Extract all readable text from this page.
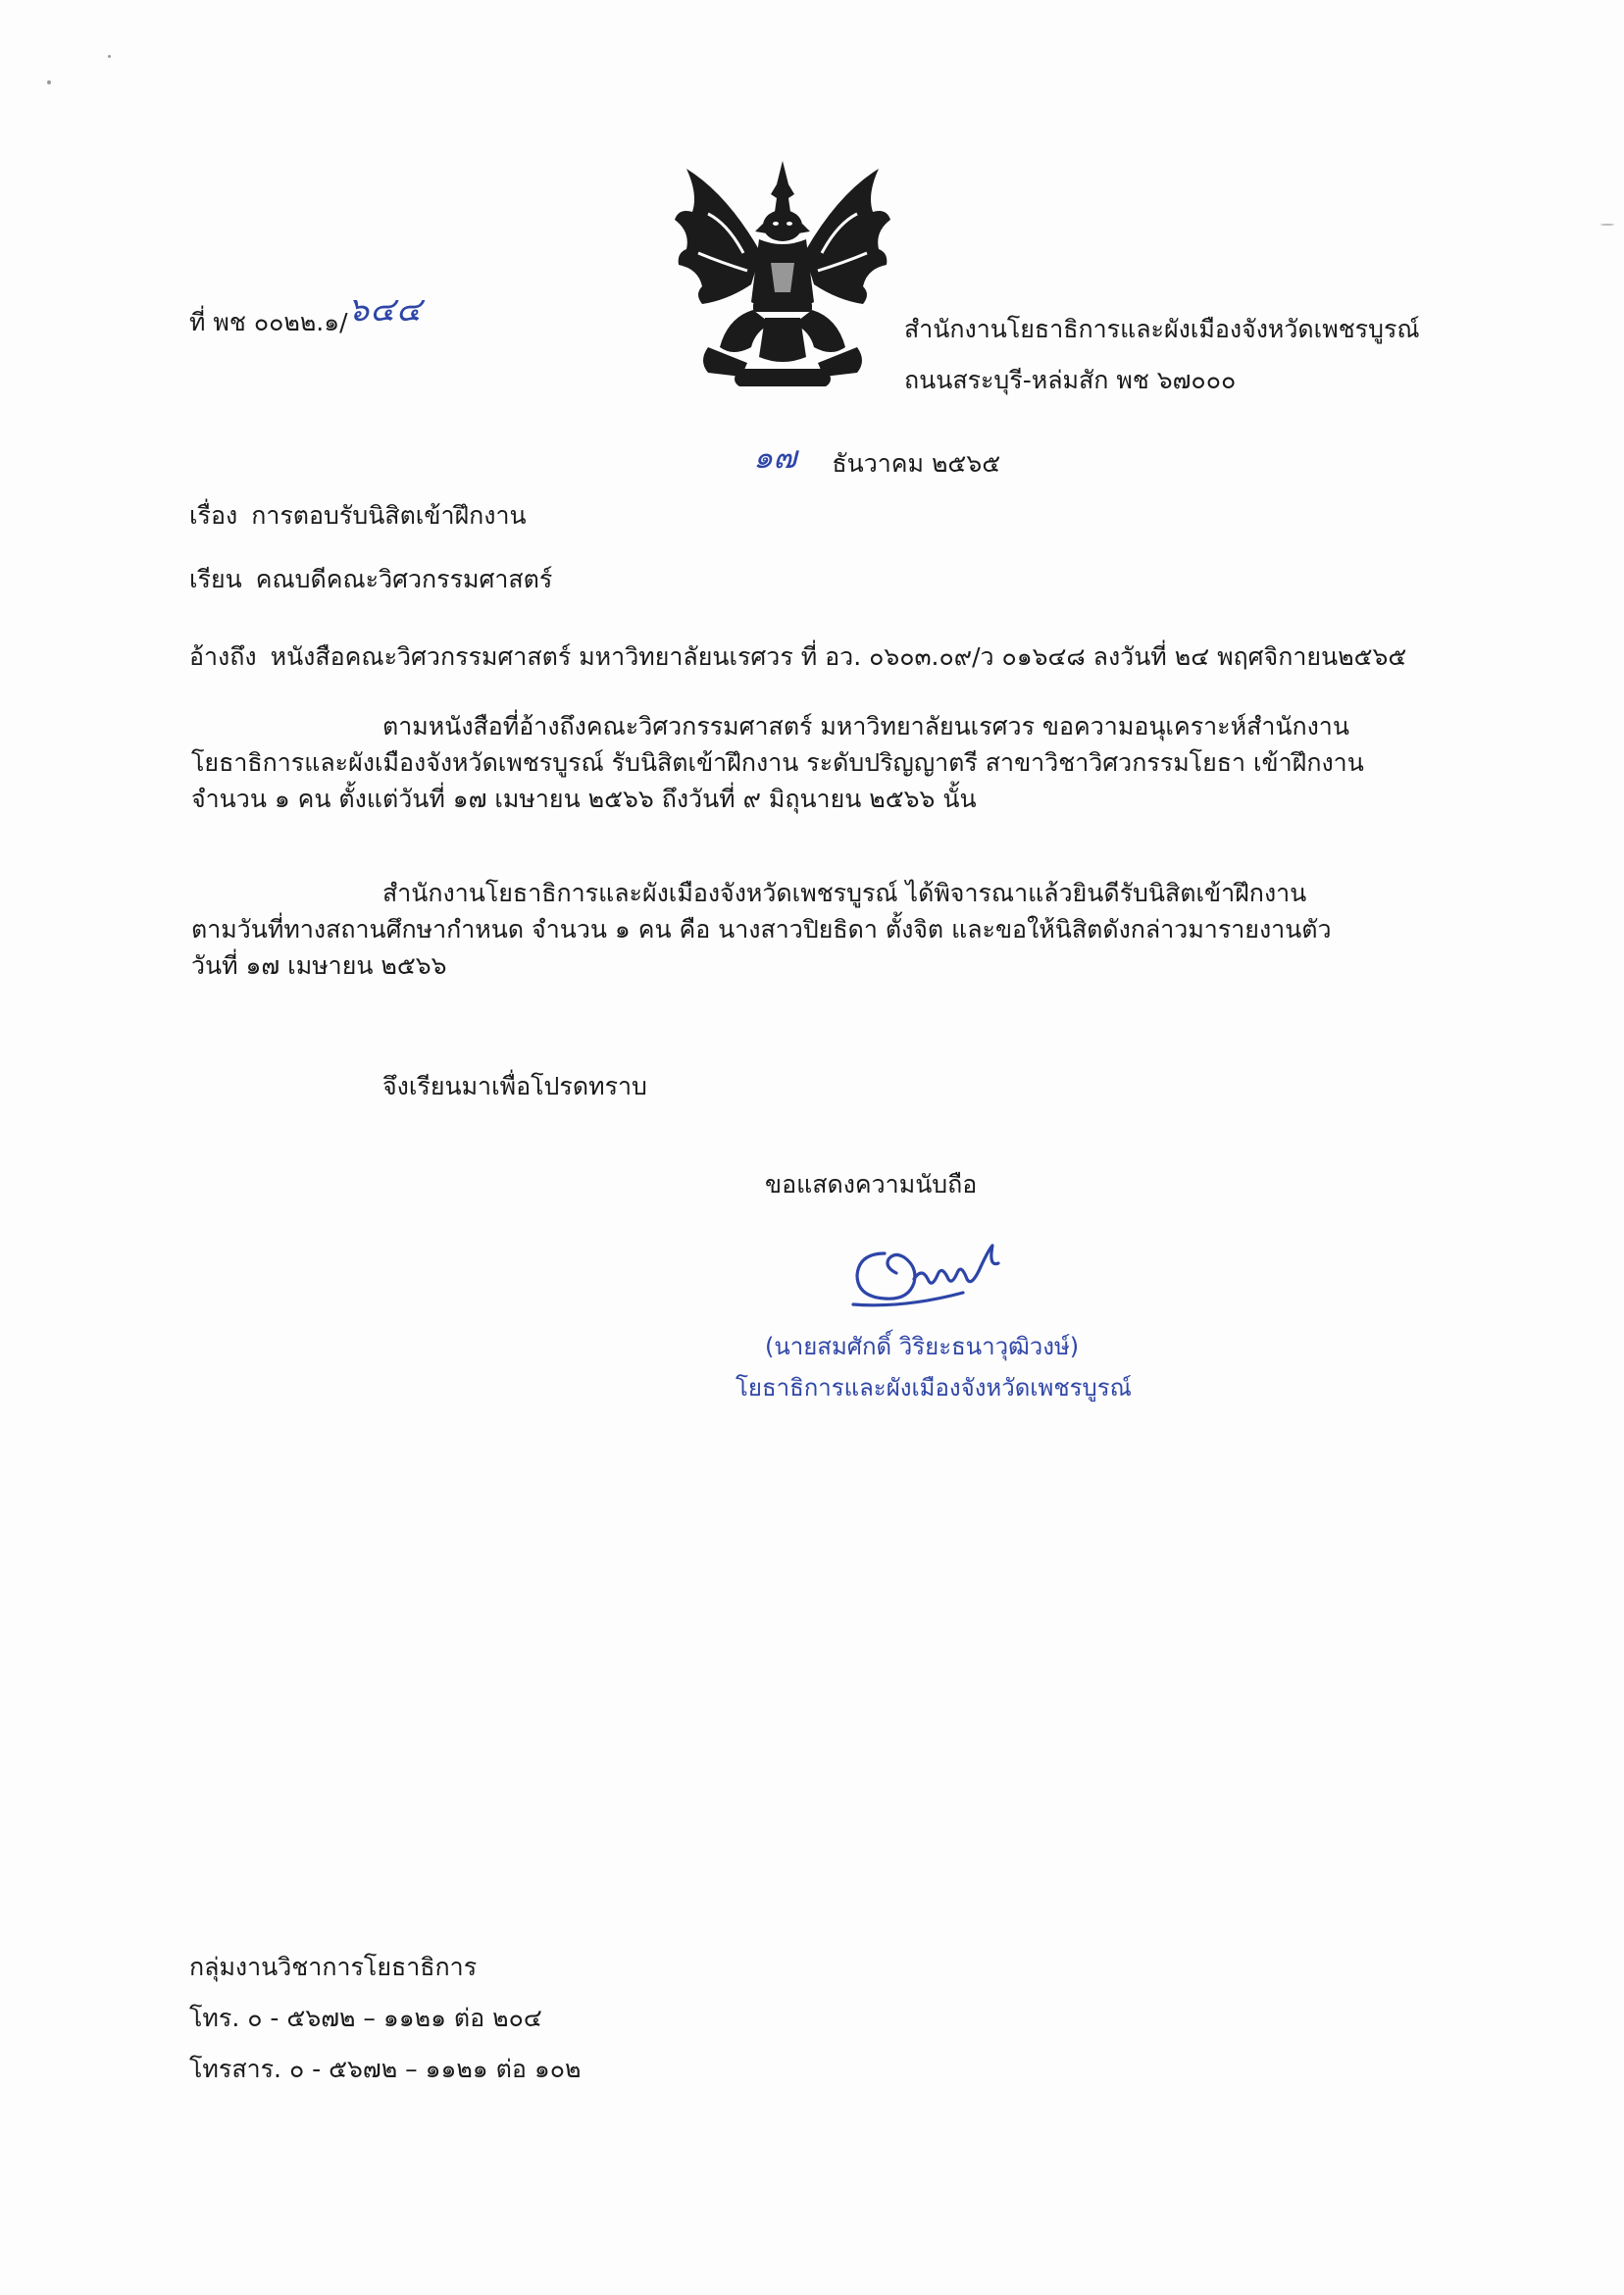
ที่ พช ๐๐๒๒.๑/๖๔๔	สำนักงานโยธาธิการและผังเมืองจังหวัดเพชรบูรณ์
ถนนสระบุรี-หล่มสัก พช ๖๗๐๐๐
๑๗ ธันวาคม ๒๕๖๕
เรื่อง การตอบรับนิสิตเข้าฝึกงาน
เรียน คณบดีคณะวิศวกรรมศาสตร์
อ้างถึง หนังสือคณะวิศวกรรมศาสตร์ มหาวิทยาลัยนเรศวร ที่ อว. ๐๖๐๓.๐๙/ว ๐๑๖๔๘ ลงวันที่ ๒๔ พฤศจิกายน๒๕๖๕
ตามหนังสือที่อ้างถึงคณะวิศวกรรมศาสตร์ มหาวิทยาลัยนเรศวร ขอความอนุเคราะห์สำนักงาน
โยธาธิการและผังเมืองจังหวัดเพชรบูรณ์ รับนิสิตเข้าฝึกงาน ระดับปริญญาตรี สาขาวิชาวิศวกรรมโยธา เข้าฝึกงาน
จำนวน ๑ คน ตั้งแต่วันที่ ๑๗ เมษายน ๒๕๖๖ ถึงวันที่ ๙ มิถุนายน ๒๕๖๖ นั้น
สำนักงานโยธาธิการและผังเมืองจังหวัดเพชรบูรณ์ ได้พิจารณาแล้วยินดีรับนิสิตเข้าฝึกงาน
ตามวันที่ทางสถานศึกษากำหนด จำนวน ๑ คน คือ นางสาวปิยธิดา ตั้งจิต และขอให้นิสิตดังกล่าวมารายงานตัว
วันที่ ๑๗ เมษายน ๒๕๖๖
จึงเรียนมาเพื่อโปรดทราบ
ขอแสดงความนับถือ
(นายสมศักดิ์ วิริยะธนาวุฒิวงษ์)
โยธาธิการและผังเมืองจังหวัดเพชรบูรณ์
กลุ่มงานวิชาการโยธาธิการ
โทร. ๐ - ๕๖๗๒ – ๑๑๒๑ ต่อ ๒๐๔
โทรสาร. ๐ - ๕๖๗๒ – ๑๑๒๑ ต่อ ๑๐๒
